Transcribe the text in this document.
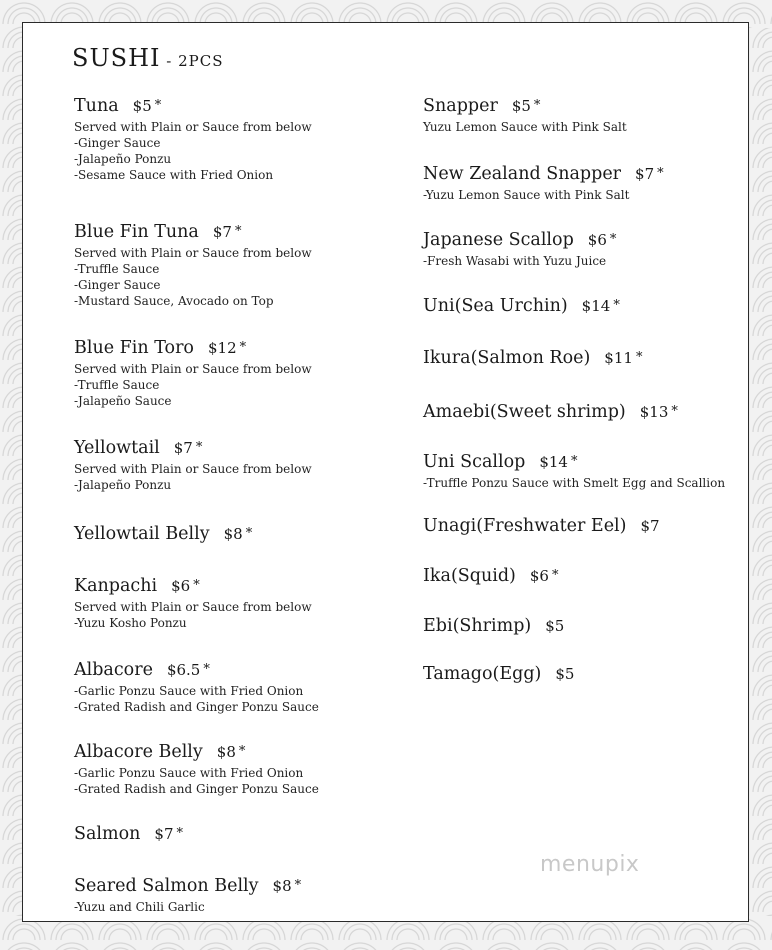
SUSHI - 2PCS
Tuna $5 *
Served with Plain or Sauce from below
-Ginger Sauce
-Jalapeño Ponzu
-Sesame Sauce with Fried Onion
Blue Fin Tuna $7 *
Served with Plain or Sauce from below
-Truffle Sauce
-Ginger Sauce
-Mustard Sauce, Avocado on Top
Blue Fin Toro $12 *
Served with Plain or Sauce from below
-Truffle Sauce
-Jalapeño Sauce
Yellowtail $7 *
Served with Plain or Sauce from below
-Jalapeño Ponzu
Yellowtail Belly $8 *
Kanpachi $6 *
Served with Plain or Sauce from below
-Yuzu Kosho Ponzu
Albacore $6.5 *
-Garlic Ponzu Sauce with Fried Onion
-Grated Radish and Ginger Ponzu Sauce
Albacore Belly $8 *
-Garlic Ponzu Sauce with Fried Onion
-Grated Radish and Ginger Ponzu Sauce
Salmon $7 *
Seared Salmon Belly $8 *
-Yuzu and Chili Garlic
Snapper $5 *
Yuzu Lemon Sauce with Pink Salt
New Zealand Snapper $7 *
-Yuzu Lemon Sauce with Pink Salt
Japanese Scallop $6 *
-Fresh Wasabi with Yuzu Juice
Uni(Sea Urchin) $14 *
Ikura(Salmon Roe) $11 *
Amaebi(Sweet shrimp) $13 *
Uni Scallop $14 *
-Truffle Ponzu Sauce with Smelt Egg and Scallion
Unagi(Freshwater Eel) $7
Ika(Squid) $6 *
Ebi(Shrimp) $5
Tamago(Egg) $5
menupix
